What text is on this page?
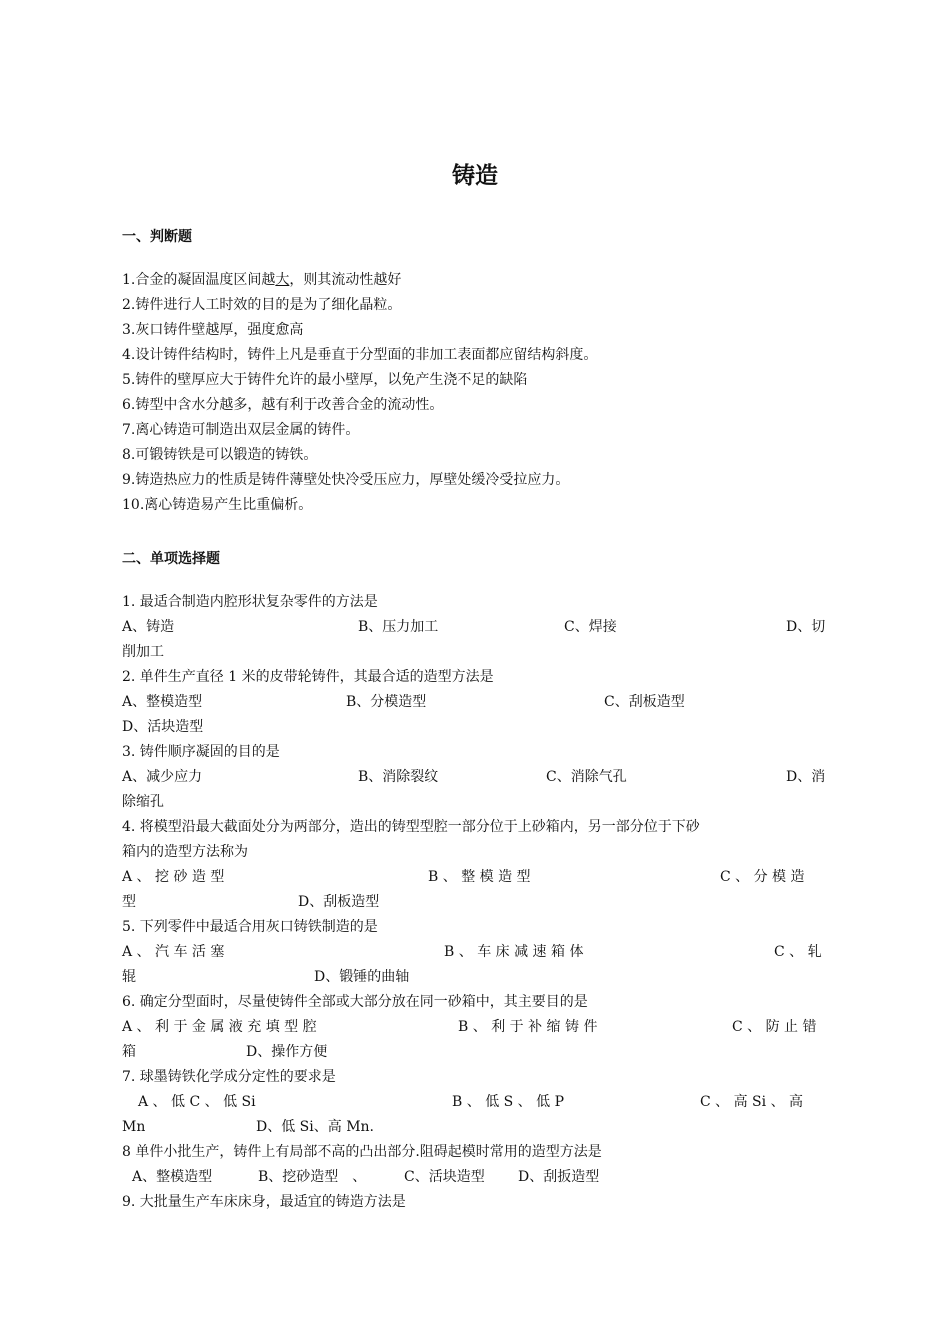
铸造
一、判断题
1.合金的凝固温度区间越大，则其流动性越好
2.铸件进行人工时效的目的是为了细化晶粒。
3.灰口铸件壁越厚，强度愈高
4.设计铸件结构时，铸件上凡是垂直于分型面的非加工表面都应留结构斜度。
5.铸件的壁厚应大于铸件允许的最小壁厚，以免产生浇不足的缺陷
6.铸型中含水分越多，越有利于改善合金的流动性。
7.离心铸造可制造出双层金属的铸件。
8.可锻铸铁是可以锻造的铸铁。
9.铸造热应力的性质是铸件薄壁处快冷受压应力，厚壁处缓冷受拉应力。
10.离心铸造易产生比重偏析。
二、单项选择题
1. 最适合制造内腔形状复杂零件的方法是
A、铸造	B、压力加工	C、焊接	D、切
削加工
2. 单件生产直径 1 米的皮带轮铸件，其最合适的造型方法是
A、整模造型	B、分模造型	C、刮板造型
D、活块造型
3. 铸件顺序凝固的目的是
A、减少应力	B、消除裂纹	C、消除气孔	D、消
除缩孔
4. 将模型沿最大截面处分为两部分，造出的铸型型腔一部分位于上砂箱内，另一部分位于下砂
箱内的造型方法称为
A 、 挖 砂 造 型	B 、 整 模 造 型	C 、 分 模 造
型	D、刮板造型
5. 下列零件中最适合用灰口铸铁制造的是
A 、 汽 车 活 塞	B 、 车 床 减 速 箱 体	C 、 轧
辊	D、锻锤的曲轴
6. 确定分型面时，尽量使铸件全部或大部分放在同一砂箱中，其主要目的是
A 、 利 于 金 属 液 充 填 型 腔	B 、 利 于 补 缩 铸 件	C 、 防 止 错
箱	D、操作方便
7. 球墨铸铁化学成分定性的要求是
A 、 低 C 、 低 Si	B 、 低 S 、 低 P	C 、 高 Si 、 高
Mn	D、低 Si、高 Mn.
8 单件小批生产，铸件上有局部不高的凸出部分.阻碍起模时常用的造型方法是
A、整模造型	B、挖砂造型　、	C、活块造型	D、刮扳造型
9. 大批量生产车床床身，最适宜的铸造方法是
